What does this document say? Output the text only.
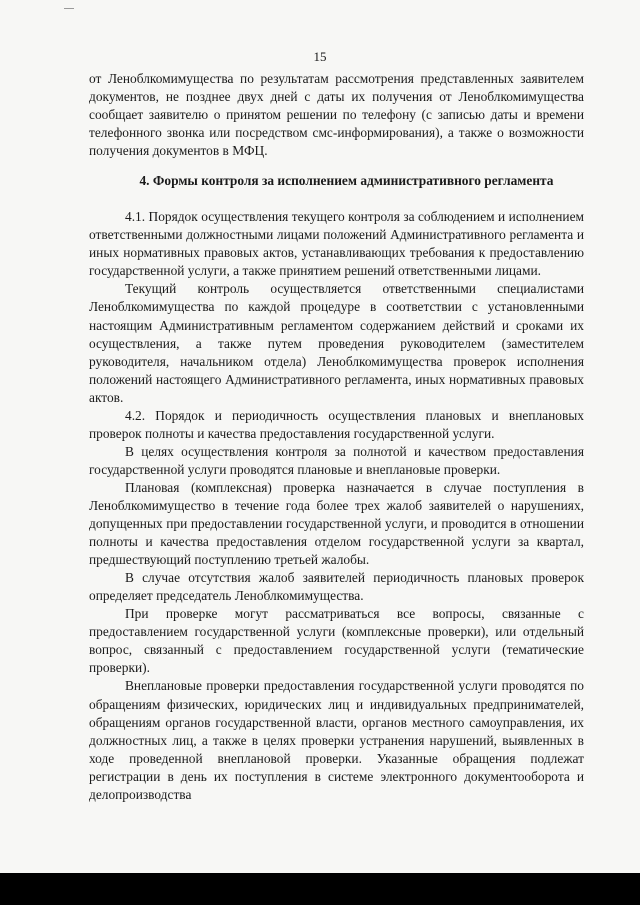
15

от Леноблкомимущества по результатам рассмотрения представленных заявителем документов, не позднее двух дней с даты их получения от Леноблкомимущества сообщает заявителю о принятом решении по телефону (с записью даты и времени телефонного звонка или посредством смс-информирования), а также о возможности получения документов в МФЦ.

4. Формы контроля за исполнением административного регламента

4.1. Порядок осуществления текущего контроля за соблюдением и исполнением ответственными должностными лицами положений Административного регламента и иных нормативных правовых актов, устанавливающих требования к предоставлению государственной услуги, а также принятием решений ответственными лицами.

Текущий контроль осуществляется ответственными специалистами Леноблкомимущества по каждой процедуре в соответствии с установленными настоящим Административным регламентом содержанием действий и сроками их осуществления, а также путем проведения руководителем (заместителем руководителя, начальником отдела) Леноблкомимущества проверок исполнения положений настоящего Административного регламента, иных нормативных правовых актов.

4.2. Порядок и периодичность осуществления плановых и внеплановых проверок полноты и качества предоставления государственной услуги.

В целях осуществления контроля за полнотой и качеством предоставления государственной услуги проводятся плановые и внеплановые проверки.

Плановая (комплексная) проверка назначается в случае поступления в Леноблкомимущество в течение года более трех жалоб заявителей о нарушениях, допущенных при предоставлении государственной услуги, и проводится в отношении полноты и качества предоставления отделом государственной услуги за квартал, предшествующий поступлению третьей жалобы.

В случае отсутствия жалоб заявителей периодичность плановых проверок определяет председатель Леноблкомимущества.

При проверке могут рассматриваться все вопросы, связанные с предоставлением государственной услуги (комплексные проверки), или отдельный вопрос, связанный с предоставлением государственной услуги (тематические проверки).

Внеплановые проверки предоставления государственной услуги проводятся по обращениям физических, юридических лиц и индивидуальных предпринимателей, обращениям органов государственной власти, органов местного самоуправления, их должностных лиц, а также в целях проверки устранения нарушений, выявленных в ходе проведенной внеплановой проверки. Указанные обращения подлежат регистрации в день их поступления в системе электронного документооборота и делопроизводства
